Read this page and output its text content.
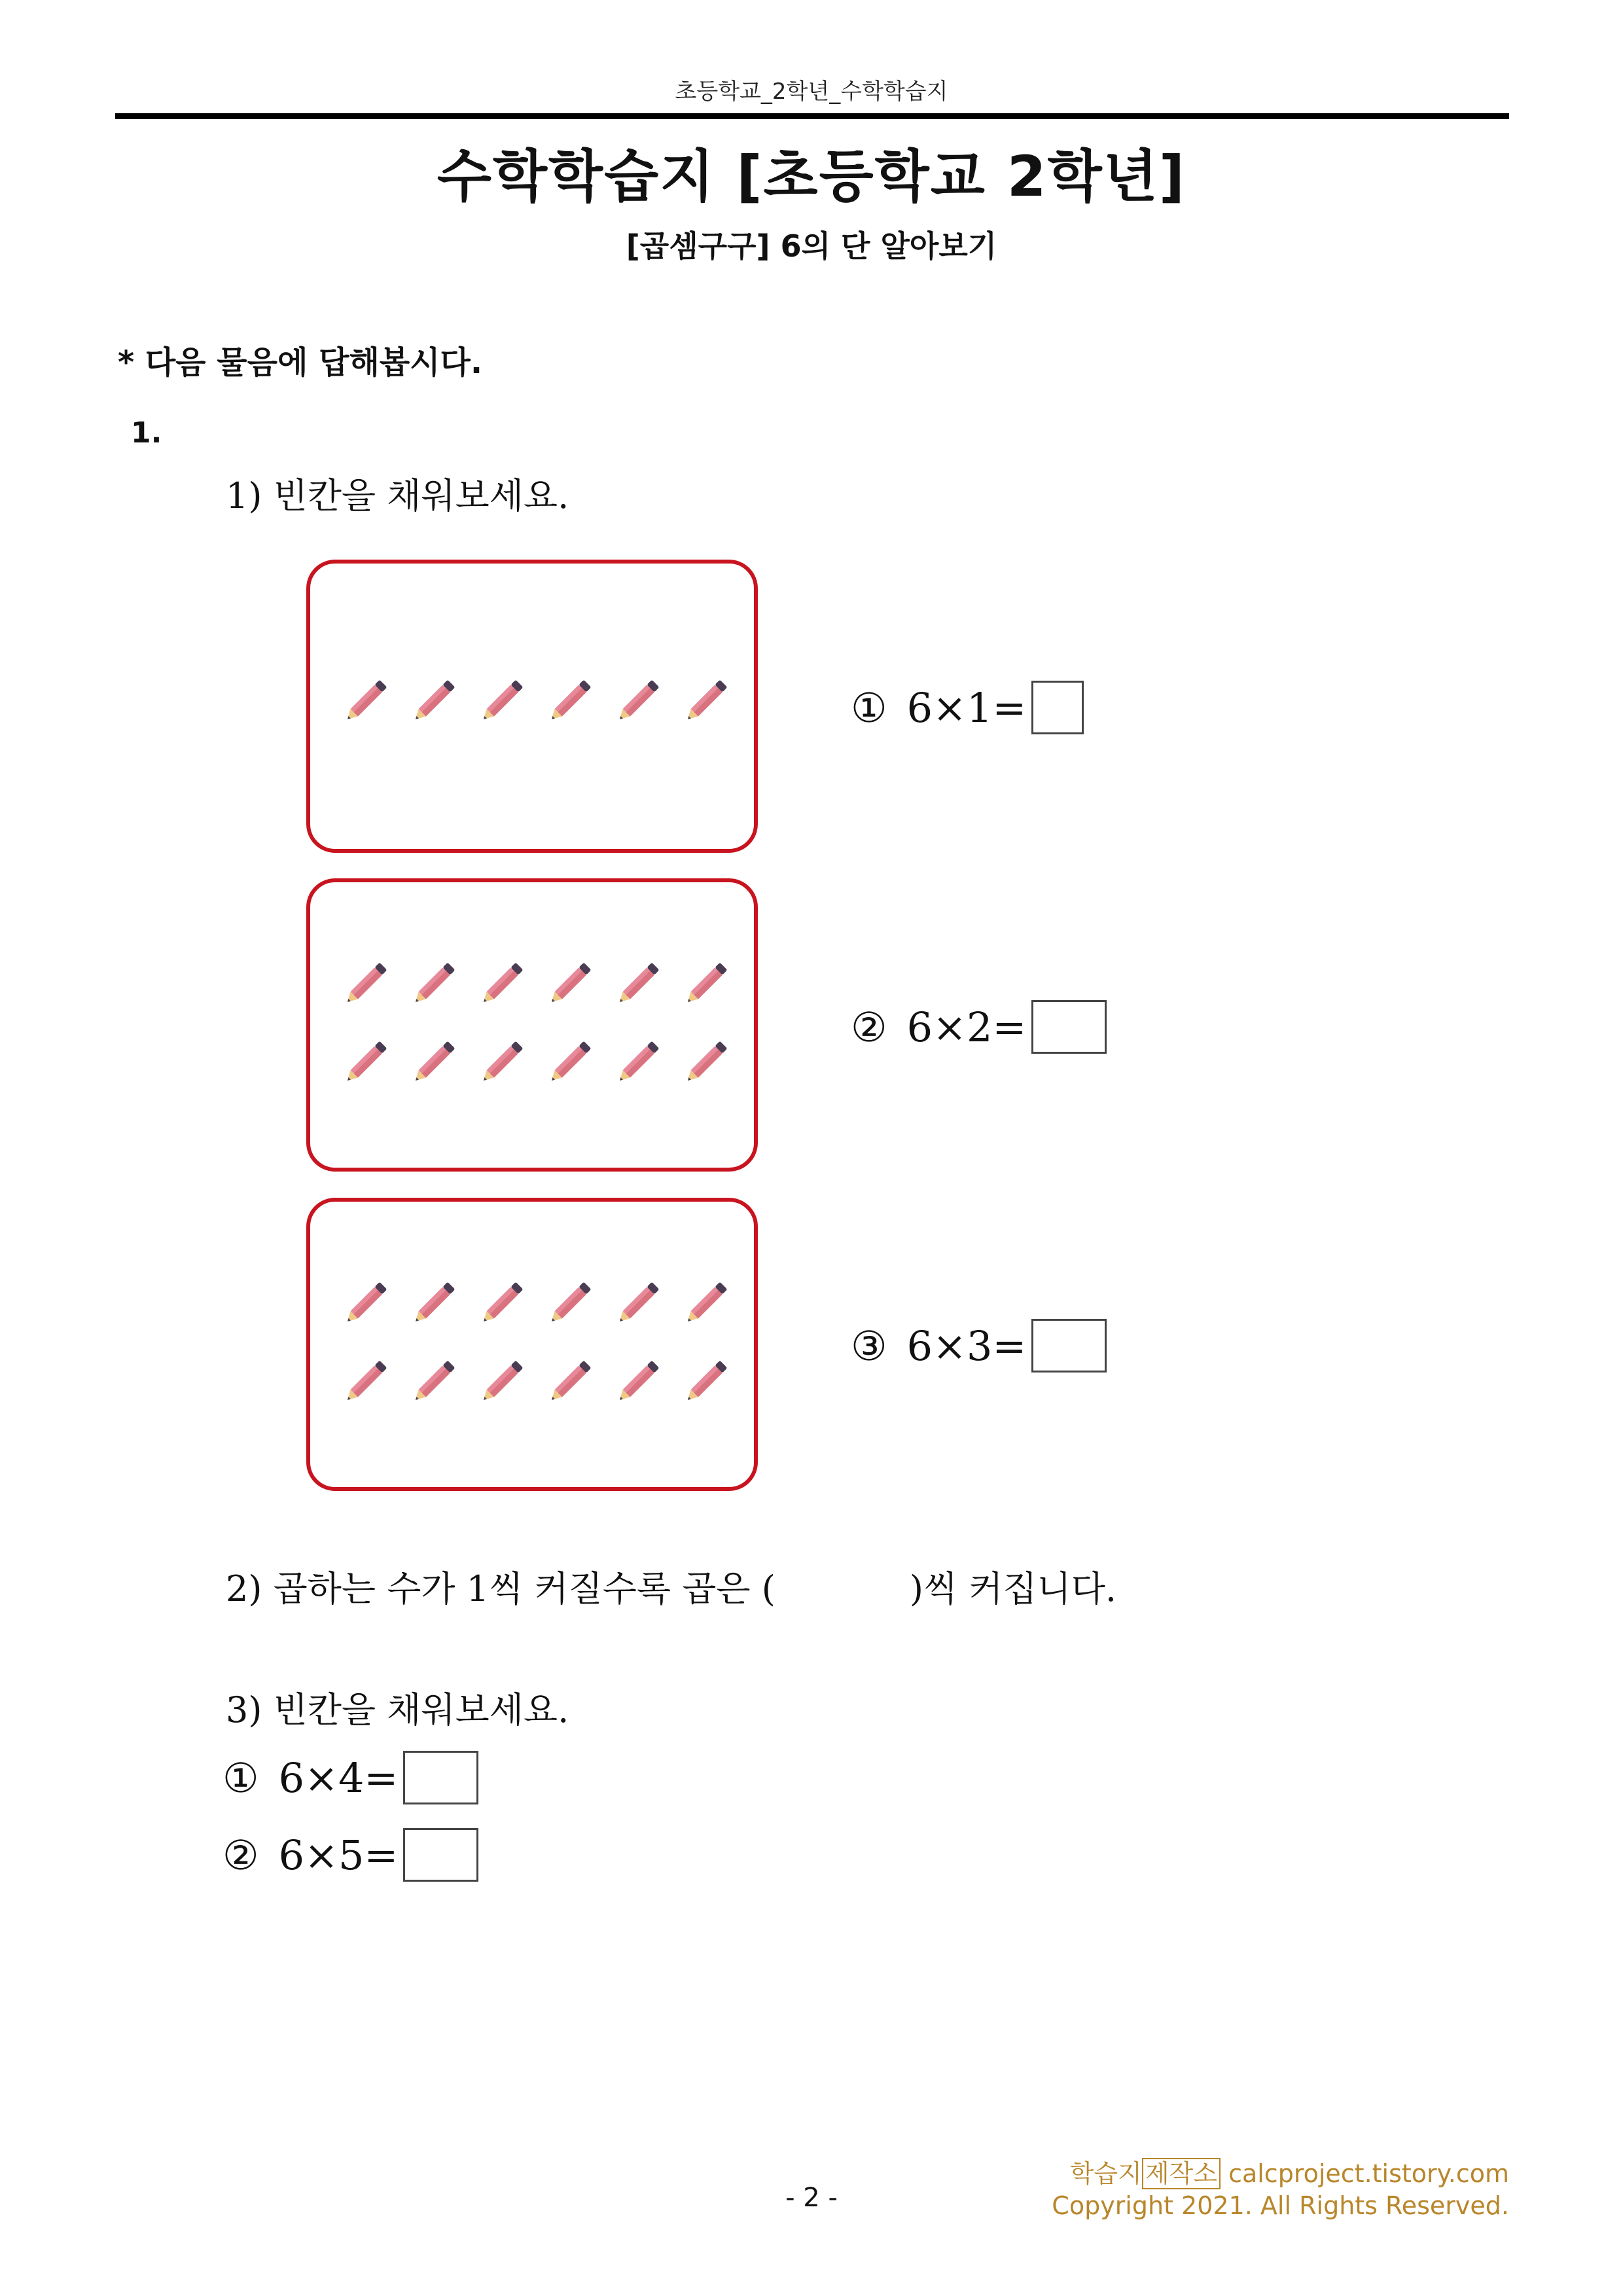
초등학교_2학년_수학학습지
수학학습지 [초등학교 2학년]
[곱셈구구] 6의 단 알아보기
* 다음 물음에 답해봅시다.
1.
1) 빈칸을 채워보세요.
① 6×1=
② 6×2=
③ 6×3=
2) 곱하는 수가 1씩 커질수록 곱은 (	)씩 커집니다.
3) 빈칸을 채워보세요.
① 6×4=
② 6×5=
학습지 제작소 calcproject.tistory.com
Copyright 2021. All Rights Reserved.
- 2 -
